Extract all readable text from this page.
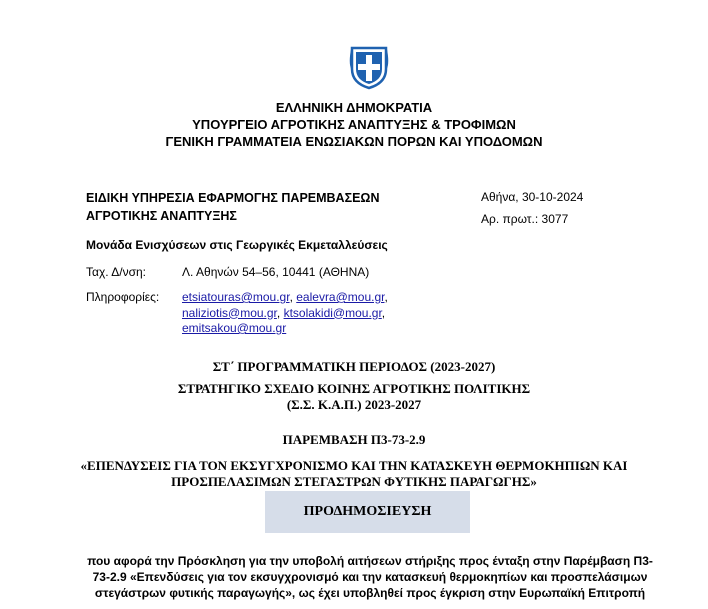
ΕΛΛΗΝΙΚΗ ΔΗΜΟΚΡΑΤΙΑ
ΥΠΟΥΡΓΕΙΟ ΑΓΡΟΤΙΚΗΣ ΑΝΑΠΤΥΞΗΣ & ΤΡΟΦΙΜΩΝ
ΓΕΝΙΚΗ ΓΡΑΜΜΑΤΕΙΑ ΕΝΩΣΙΑΚΩΝ ΠΟΡΩΝ ΚΑΙ ΥΠΟΔΟΜΩΝ
ΕΙΔΙΚΗ ΥΠΗΡΕΣΙΑ ΕΦΑΡΜΟΓΗΣ ΠΑΡΕΜΒΑΣΕΩΝ
ΑΓΡΟΤΙΚΗΣ ΑΝΑΠΤΥΞΗΣ
Αθήνα, 30-10-2024
Αρ. πρωτ.: 3077
Μονάδα Ενισχύσεων στις Γεωργικές Εκμεταλλεύσεις
Ταχ. Δ/νση:	Λ. Αθηνών 54–56, 10441 (ΑΘΗΝΑ)
Πληροφορίες: etsiatouras@mou.gr, ealevra@mou.gr,
naliziotis@mou.gr, ktsolakidi@mou.gr,
emitsakou@mou.gr
ΣΤ΄ ΠΡΟΓΡΑΜΜΑΤΙΚΗ ΠΕΡΙΟΔΟΣ (2023-2027)
ΣΤΡΑΤΗΓΙΚΟ ΣΧΕΔΙΟ ΚΟΙΝΗΣ ΑΓΡΟΤΙΚΗΣ ΠΟΛΙΤΙΚΗΣ
(Σ.Σ. Κ.Α.Π.) 2023-2027
ΠΑΡΕΜΒΑΣΗ Π3-73-2.9
«ΕΠΕΝΔΥΣΕΙΣ ΓΙΑ ΤΟΝ ΕΚΣΥΓΧΡΟΝΙΣΜΟ ΚΑΙ ΤΗΝ ΚΑΤΑΣΚΕΥΗ ΘΕΡΜΟΚΗΠΙΩΝ ΚΑΙ
ΠΡΟΣΠΕΛΑΣΙΜΩΝ ΣΤΕΓΑΣΤΡΩΝ ΦΥΤΙΚΗΣ ΠΑΡΑΓΩΓΗΣ»
ΠΡΟΔΗΜΟΣΙΕΥΣΗ
που αφορά την Πρόσκληση για την υποβολή αιτήσεων στήριξης προς ένταξη στην Παρέμβαση Π3-
73-2.9 «Επενδύσεις για τον εκσυγχρονισμό και την κατασκευή θερμοκηπίων και προσπελάσιμων
στεγάστρων φυτικής παραγωγής», ως έχει υποβληθεί προς έγκριση στην Ευρωπαϊκή Επιτροπή
